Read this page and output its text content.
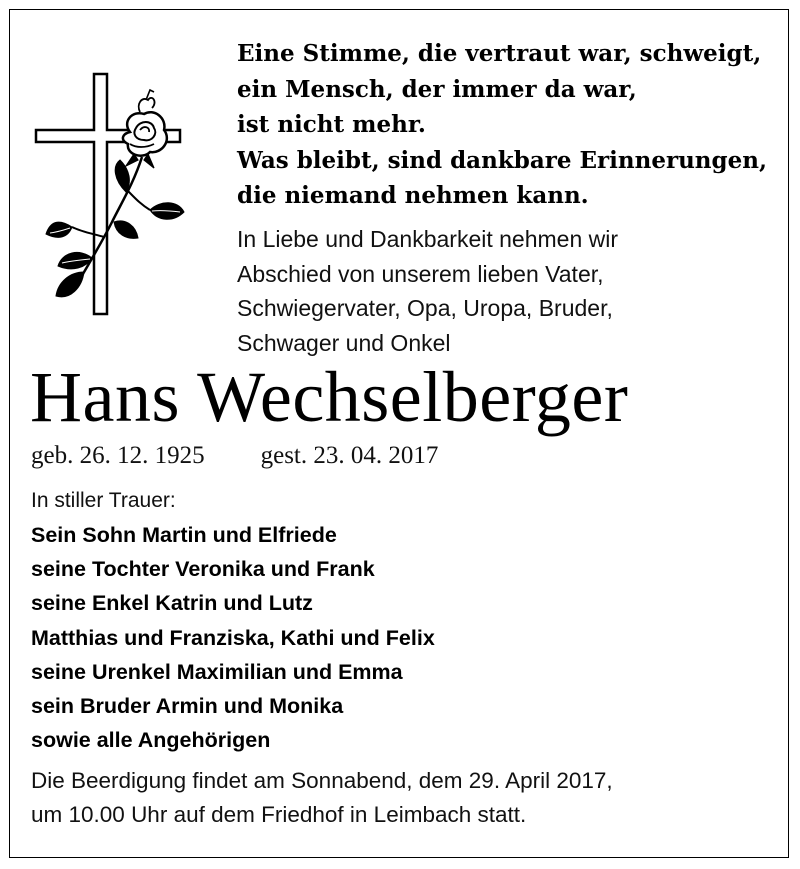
Eine Stimme, die vertraut war, schweigt,
ein Mensch, der immer da war,
ist nicht mehr.
Was bleibt, sind dankbare Erinnerungen,
die niemand nehmen kann.
In Liebe und Dankbarkeit nehmen wir
Abschied von unserem lieben Vater,
Schwiegervater, Opa, Uropa, Bruder,
Schwager und Onkel
Hans Wechselberger
geb. 26. 12. 1925 gest. 23. 04. 2017
In stiller Trauer:
Sein Sohn Martin und Elfriede
seine Tochter Veronika und Frank
seine Enkel Katrin und Lutz
Matthias und Franziska, Kathi und Felix
seine Urenkel Maximilian und Emma
sein Bruder Armin und Monika
sowie alle Angehörigen
Die Beerdigung findet am Sonnabend, dem 29. April 2017,
um 10.00 Uhr auf dem Friedhof in Leimbach statt.
